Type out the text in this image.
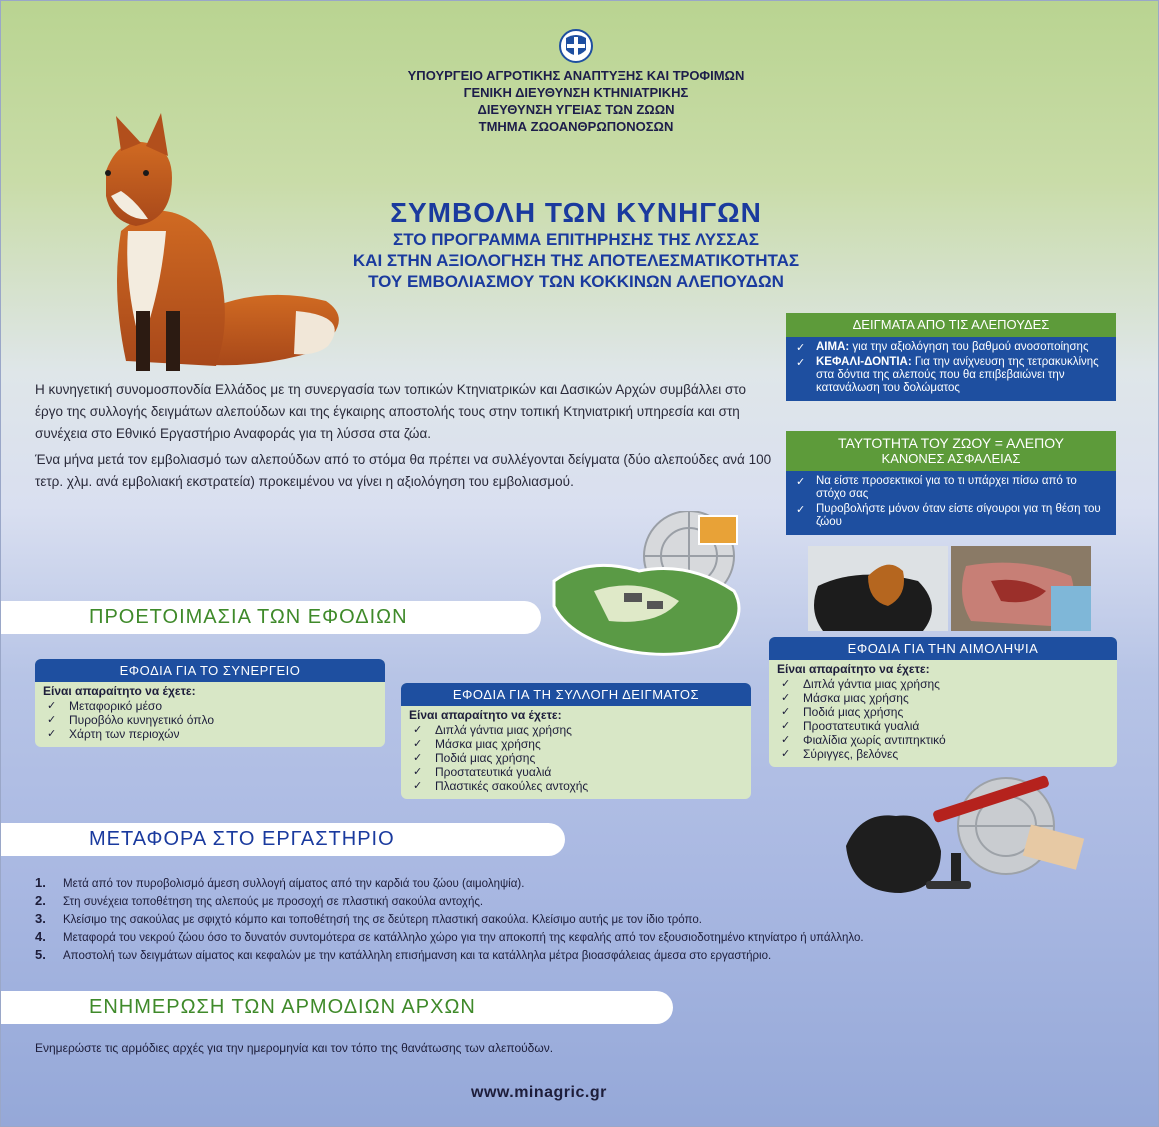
ΥΠΟΥΡΓΕΙΟ ΑΓΡΟΤΙΚΗΣ ΑΝΑΠΤΥΞΗΣ ΚΑΙ ΤΡΟΦΙΜΩΝ
ΓΕΝΙΚΗ ΔΙΕΥΘΥΝΣΗ ΚΤΗΝΙΑΤΡΙΚΗΣ
ΔΙΕΥΘΥΝΣΗ ΥΓΕΙΑΣ ΤΩΝ ΖΩΩΝ
ΤΜΗΜΑ ΖΩΟΑΝΘΡΩΠΟΝΟΣΩΝ
ΣΥΜΒΟΛΗ ΤΩΝ ΚΥΝΗΓΩΝ
ΣΤΟ ΠΡΟΓΡΑΜΜΑ ΕΠΙΤΗΡΗΣΗΣ ΤΗΣ ΛΥΣΣΑΣ
ΚΑΙ ΣΤΗΝ ΑΞΙΟΛΟΓΗΣΗ ΤΗΣ ΑΠΟΤΕΛΕΣΜΑΤΙΚΟΤΗΤΑΣ
ΤΟΥ ΕΜΒΟΛΙΑΣΜΟΥ ΤΩΝ ΚΟΚΚΙΝΩΝ ΑΛΕΠΟΥΔΩΝ
ΔΕΙΓΜΑΤΑ ΑΠΟ ΤΙΣ ΑΛΕΠΟΥΔΕΣ
✓ ΑΙΜΑ: για την αξιολόγηση του βαθμού ανοσοποίησης
✓ ΚΕΦΑΛΙ-ΔΟΝΤΙΑ: Για την ανίχνευση της τετρακυκλίνης στα δόντια της αλεπούς που θα επιβεβαιώνει την κατανάλωση του δολώματος
ΤΑΥΤΟΤΗΤΑ ΤΟΥ ΖΩΟΥ = ΑΛΕΠΟΥ
ΚΑΝΟΝΕΣ ΑΣΦΑΛΕΙΑΣ
✓ Να είστε προσεκτικοί για το τι υπάρχει πίσω από το στόχο σας
✓ Πυροβολήστε μόνον όταν είστε σίγουροι για τη θέση του ζώου

Η κυνηγετική συνομοσπονδία Ελλάδος με τη συνεργασία των τοπικών Κτηνιατρικών και Δασικών Αρχών συμβάλλει στο έργο της συλλογής δειγμάτων αλεπούδων και της έγκαιρης αποστολής τους στην τοπική Κτηνιατρική υπηρεσία και στη συνέχεια στο Εθνικό Εργαστήριο Αναφοράς για τη λύσσα στα ζώα.

Ένα μήνα μετά τον εμβολιασμό των αλεπούδων από το στόμα θα πρέπει να συλλέγονται δείγματα (δύο αλεπούδες ανά 100 τετρ. χλμ. ανά εμβολιακή εκστρατεία) προκειμένου να γίνει η αξιολόγηση του εμβολιασμού.

ΠΡΟΕΤΟΙΜΑΣΙΑ ΤΩΝ ΕΦΟΔΙΩΝ
ΕΦΟΔΙΑ ΓΙΑ ΤΟ ΣΥΝΕΡΓΕΙΟ
Είναι απαραίτητο να έχετε:
✓ Μεταφορικό μέσο
✓ Πυροβόλο κυνηγετικό όπλο
✓ Χάρτη των περιοχών
ΕΦΟΔΙΑ ΓΙΑ ΤΗ ΣΥΛΛΟΓΗ ΔΕΙΓΜΑΤΟΣ
Είναι απαραίτητο να έχετε:
✓ Διπλά γάντια μιας χρήσης
✓ Μάσκα μιας χρήσης
✓ Ποδιά μιας χρήσης
✓ Προστατευτικά γυαλιά
✓ Πλαστικές σακούλες αντοχής
ΕΦΟΔΙΑ ΓΙΑ ΤΗΝ ΑΙΜΟΛΗΨΙΑ
Είναι απαραίτητο να έχετε:
✓ Διπλά γάντια μιας χρήσης
✓ Μάσκα μιας χρήσης
✓ Ποδιά μιας χρήσης
✓ Προστατευτικά γυαλιά
✓ Φιαλίδια χωρίς αντιπηκτικό
✓ Σύριγγες, βελόνες
ΜΕΤΑΦΟΡΑ ΣΤΟ ΕΡΓΑΣΤΗΡΙΟ
1. Μετά από τον πυροβολισμό άμεση συλλογή αίματος από την καρδιά του ζώου (αιμοληψία).
2. Στη συνέχεια τοποθέτηση της αλεπούς με προσοχή σε πλαστική σακούλα αντοχής.
3. Κλείσιμο της σακούλας με σφιχτό κόμπο και τοποθέτησή της σε δεύτερη πλαστική σακούλα. Κλείσιμο αυτής με τον ίδιο τρόπο.
4. Μεταφορά του νεκρού ζώου όσο το δυνατόν συντομότερα σε κατάλληλο χώρο για την αποκοπή της κεφαλής από τον εξουσιοδοτημένο κτηνίατρο ή υπάλληλο.
5. Αποστολή των δειγμάτων αίματος και κεφαλών με την κατάλληλη επισήμανση και τα κατάλληλα μέτρα βιοασφάλειας άμεσα στο εργαστήριο.
ΕΝΗΜΕΡΩΣΗ ΤΩΝ ΑΡΜΟΔΙΩΝ ΑΡΧΩΝ
Ενημερώστε τις αρμόδιες αρχές για την ημερομηνία και τον τόπο της θανάτωσης των αλεπούδων.
www.minagric.gr
